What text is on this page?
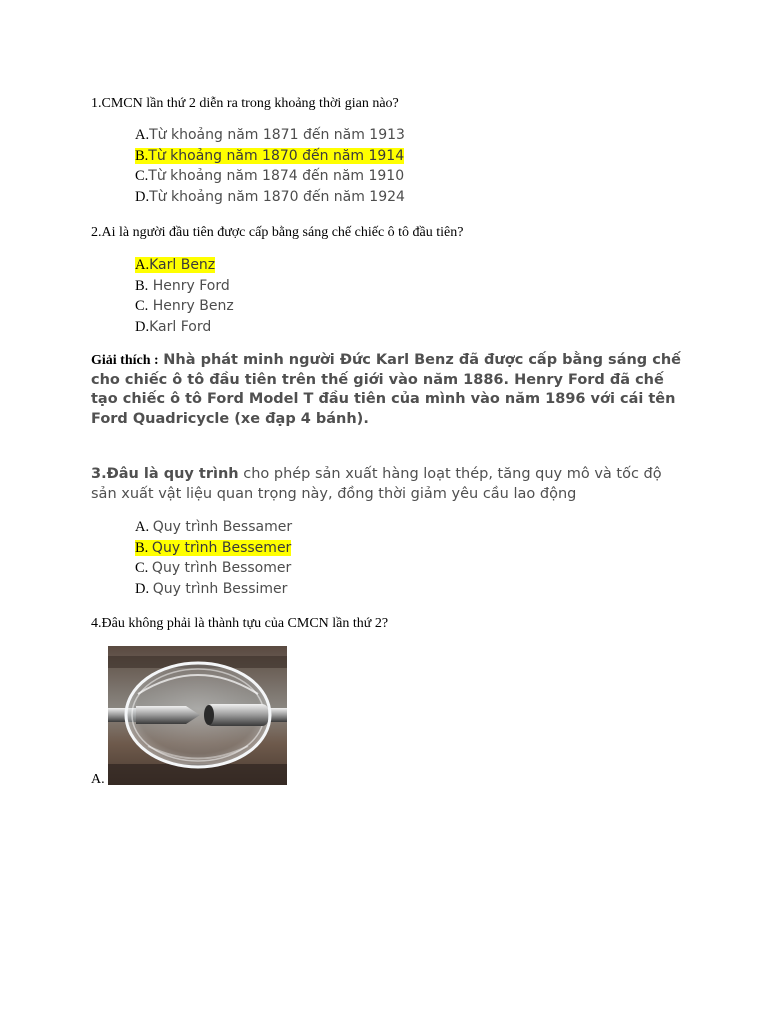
1.CMCN lần thứ 2 diễn ra trong khoảng thời gian nào?
A.Từ khoảng năm 1871 đến năm 1913
B.Từ khoảng năm 1870 đến năm 1914
C.Từ khoảng năm 1874 đến năm 1910
D.Từ khoảng năm 1870 đến năm 1924
2.Ai là người đầu tiên được cấp bằng sáng chế chiếc ô tô đầu tiên?
A.Karl Benz
B. Henry Ford
C. Henry Benz
D.Karl Ford
Giải thích : Nhà phát minh người Đức Karl Benz đã được cấp bằng sáng chế cho chiếc ô tô đầu tiên trên thế giới vào năm 1886. Henry Ford đã chế tạo chiếc ô tô Ford Model T đầu tiên của mình vào năm 1896 với cái tên Ford Quadricycle (xe đạp 4 bánh).
3.Đâu là quy trình cho phép sản xuất hàng loạt thép, tăng quy mô và tốc độ sản xuất vật liệu quan trọng này, đồng thời giảm yêu cầu lao động
A. Quy trình Bessamer
B. Quy trình Bessemer
C. Quy trình Bessomer
D. Quy trình Bessimer
4.Đâu không phải là thành tựu của CMCN lần thứ 2?
A.
